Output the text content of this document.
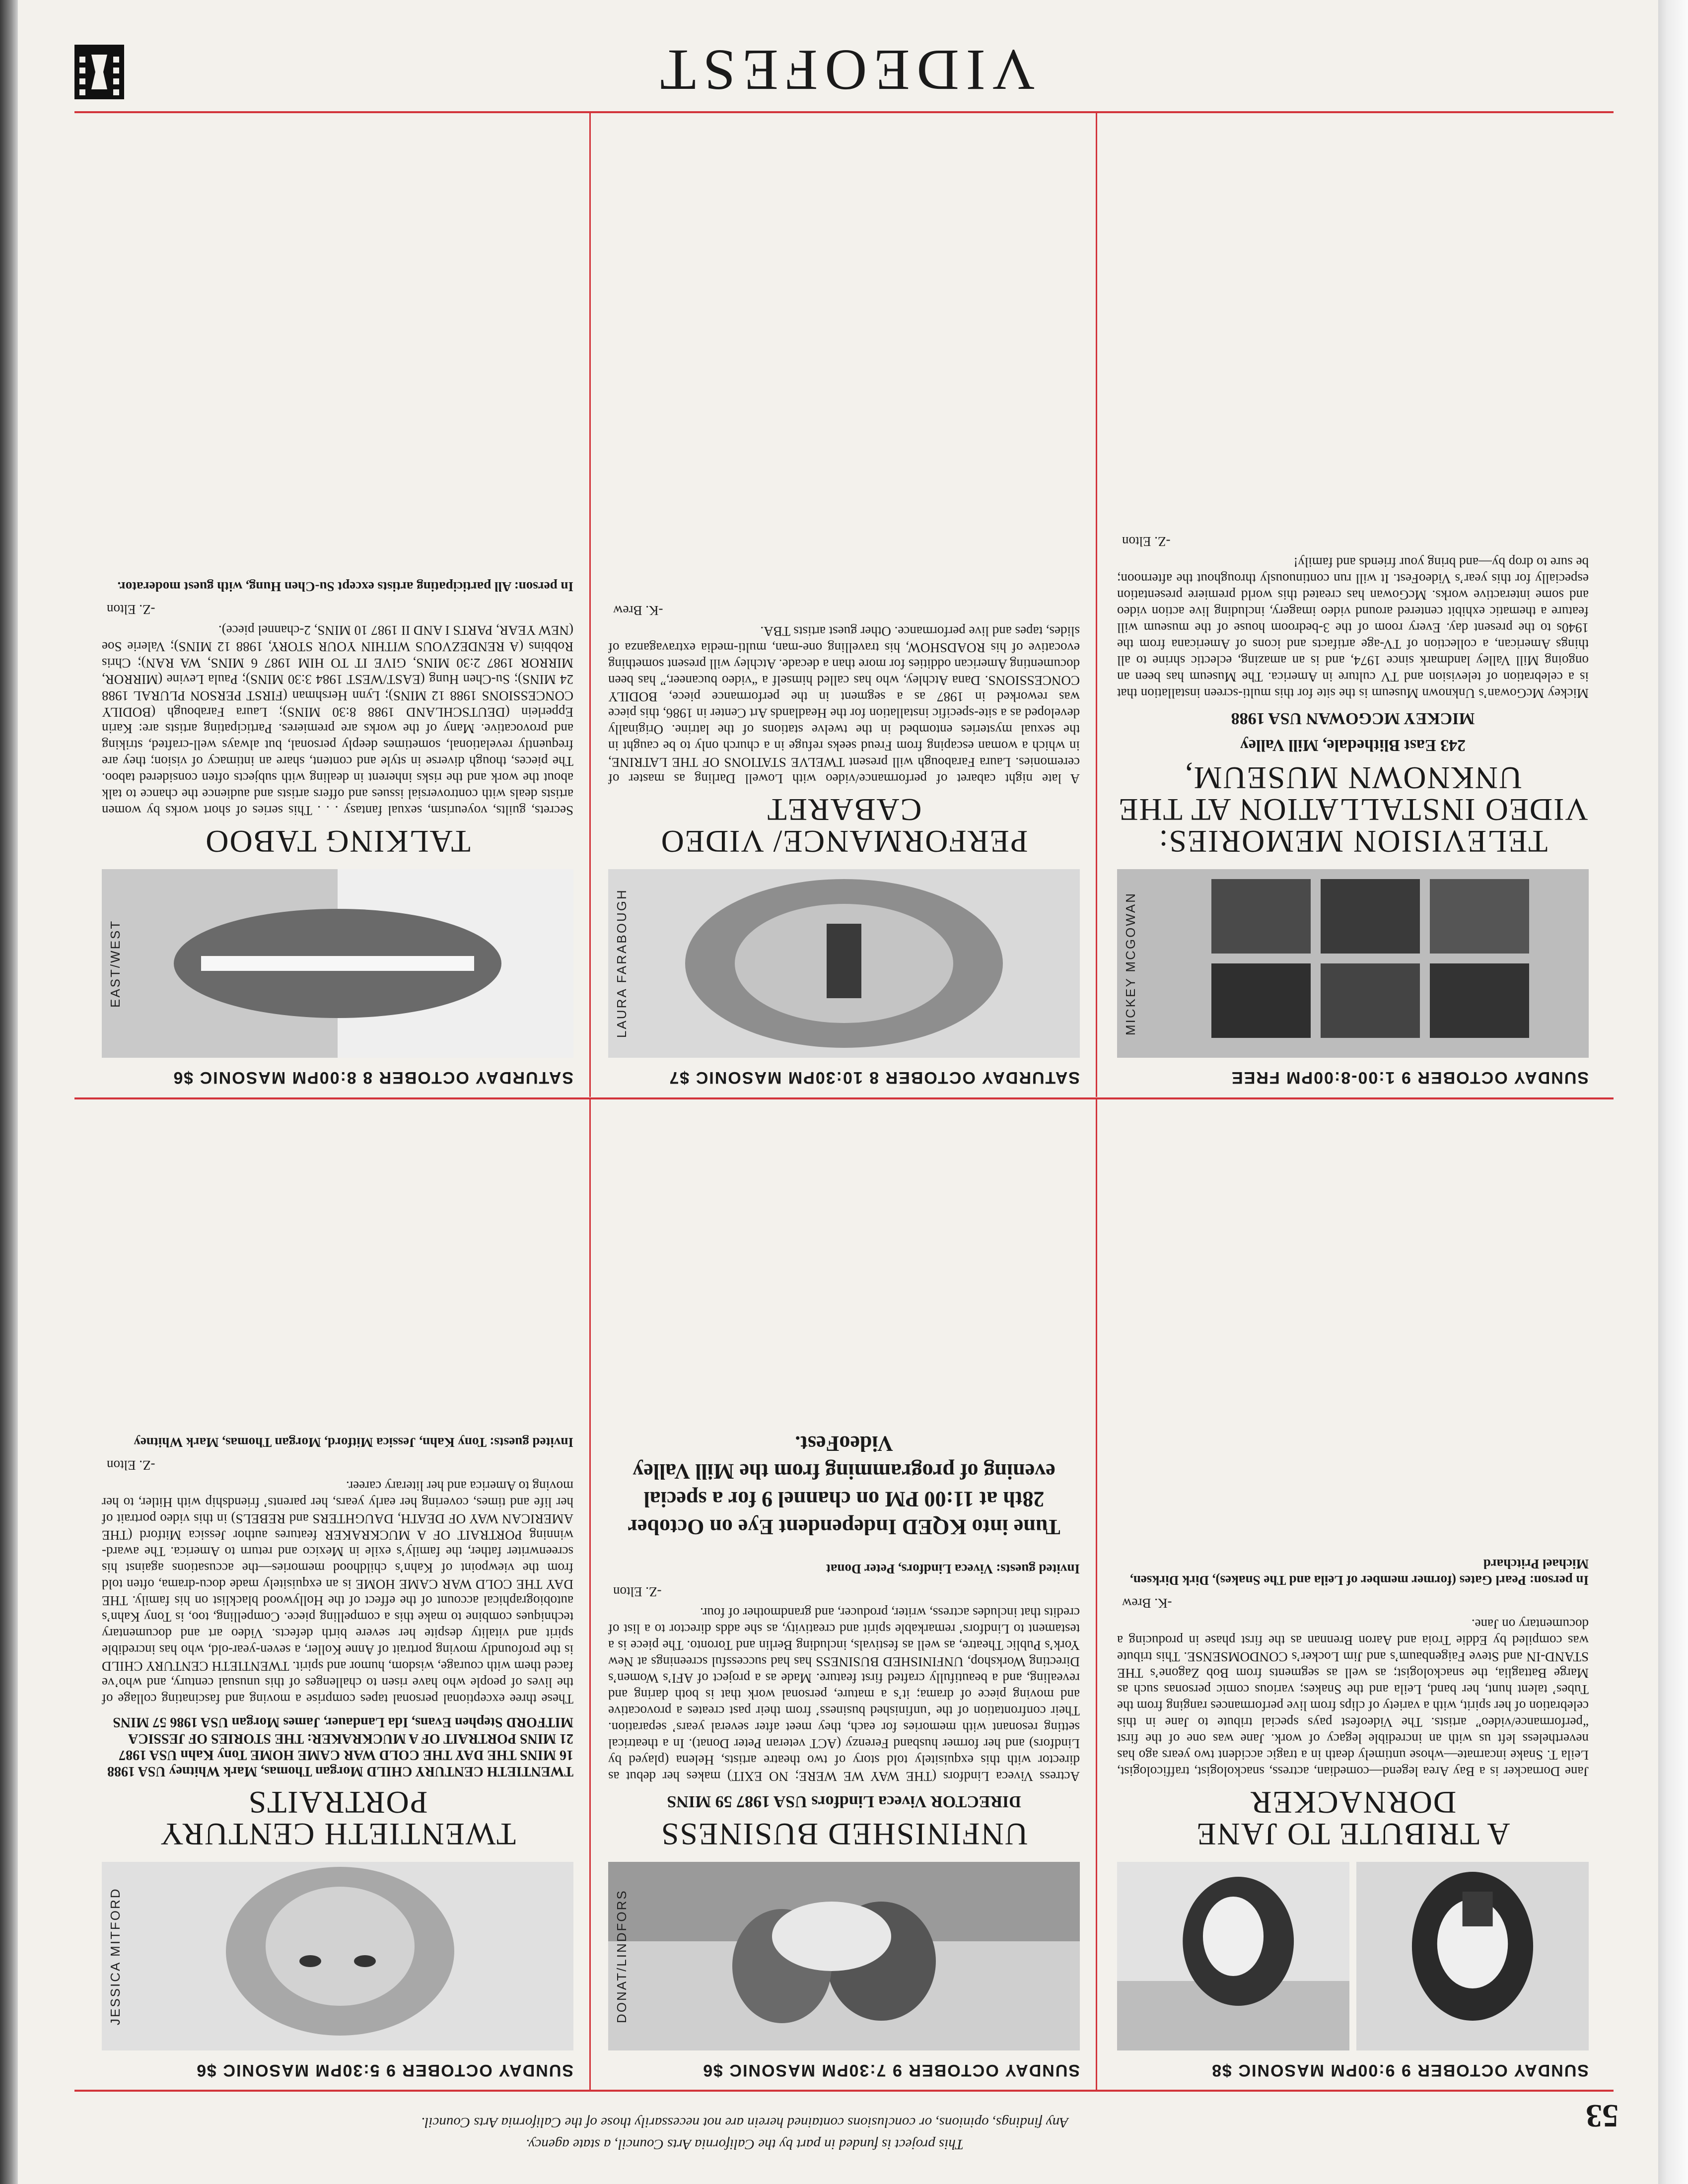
53
This project is funded in part by the California Arts Council, a state agency.
Any findings, opinions, or conclusions contained herein are not necessarily those of the California Arts Council.
SUNDAY OCTOBER 9 9:00PM MASONIC $8
A TRIBUTE TO JANE DORNACKER

Jane Dornacker is a Bay Area legend—comedian, actress, snackologist, trafficologist, Leila T. Snake incarnate—whose untimely death in a tragic accident two years ago has nevertheless left us with an incredible legacy of work. Jane was one of the first “performance/video” artists. The Videofest pays special tribute to Jane in this celebration of her spirit, with a variety of clips from live performances ranging from the Tubes’ talent hunt, her band, Leila and the Snakes; various comic personas such as Marge Battaglia, the snackologist; as well as segments from Bob Zagone’s THE STAND-IN and Steve Faigenbaum’s and Jim Locker’s CONDOMSENSE. This tribute was compiled by Eddie Troia and Aaron Brennan as the first phase in producing a documentary on Jane.

-K. Brew
In person: Pearl Gates (former member of Leila and The Snakes), Dirk Dirksen, Michael Pritchard
SUNDAY OCTOBER 9 7:30PM MASONIC $6
DONAT/LINDFORS
UNFINISHED BUSINESS
DIRECTOR Viveca Lindfors USA 1987 59 MINS

Actress Viveca Lindfors (THE WAY WE WERE; NO EXIT) makes her debut as director with this exquisitely told story of two theatre artists, Helena (played by Lindfors) and her former husband Ferenzy (ACT veteran Peter Donat). In a theatrical setting resonant with memories for each, they meet after several years’ separation. Their confrontation of the ‘unfinished business’ from their past creates a provocative and moving piece of drama; it’s a mature, personal work that is both daring and revealing, and a beautifully crafted first feature. Made as a project of AFI’s Women’s Directing Workshop, UNFINISHED BUSINESS has had successful screenings at New York’s Public Theatre, as well as festivals, including Berlin and Toronto. The piece is a testament to Lindfors’ remarkable spirit and creativity, as she adds director to a list of credits that includes actress, writer, producer, and grandmother of four.

-Z. Elton
Invited guests: Viveca Lindfors, Peter Donat
Tune into KQED Independent Eye on October 28th at 11:00 PM on channel 9 for a special evening of programming from the Mill Valley VideoFest.
SUNDAY OCTOBER 9 5:30PM MASONIC $6
JESSICA MITFORD
TWENTIETH CENTURY PORTRAITS
TWENTIETH CENTURY CHILD Morgan Thomas, Mark Whitney USA 1988 16 MINS THE DAY THE COLD WAR CAME HOME Tony Kahn USA 1987 21 MINS PORTRAIT OF A MUCKRAKER: THE STORIES OF JESSICA MITFORD Stephen Evans, Ida Landauer, James Morgan USA 1986 57 MINS

These three exceptional personal tapes comprise a moving and fascinating collage of the lives of people who have risen to challenges of this unusual century, and who’ve faced them with courage, wisdom, humor and spirit. TWENTIETH CENTURY CHILD is the profoundly moving portrait of Anne Koller, a seven-year-old, who has incredible spirit and vitality despite her severe birth defects. Video art and documentary techniques combine to make this a compelling piece. Compelling, too, is Tony Kahn’s autobiographical account of the effect of the Hollywood blacklist on his family. THE DAY THE COLD WAR CAME HOME is an exquisitely made docu-drama, often told from the viewpoint of Kahn’s childhood memories—the accusations against his screenwriter father, the family’s exile in Mexico and return to America. The award-winning PORTRAIT OF A MUCKRAKER features author Jessica Mitford (THE AMERICAN WAY OF DEATH, DAUGHTERS and REBELS) in this video portrait of her life and times, covering her early years, her parents’ friendship with Hitler, to her moving to America and her literary career.

-Z. Elton
Invited guests: Tony Kahn, Jessica Mitford, Morgan Thomas, Mark Whitney
SUNDAY OCTOBER 9 1:00-8:00PM FREE
MICKEY MCGOWAN
TELEVISION MEMORIES: VIDEO INSTALLATION AT THE UNKNOWN MUSEUM,
243 East Blithedale, Mill Valley
MICKEY MCGOWAN USA 1988

Mickey McGowan’s Unknown Museum is the site for this multi-screen installation that is a celebration of television and TV culture in America. The Museum has been an ongoing Mill Valley landmark since 1974, and is an amazing, eclectic shrine to all things American, a collection of TV-age artifacts and icons of Americana from the 1940s to the present day. Every room of the 3-bedroom house of the museum will feature a thematic exhibit centered around video imagery, including live action video and some interactive works. McGowan has created this world premiere presentation especially for this year’s VideoFest. It will run continuously throughout the afternoon; be sure to drop by—and bring your friends and family!

-Z. Elton
SATURDAY OCTOBER 8 10:30PM MASONIC $7
LAURA FARABOUGH
PERFORMANCE/ VIDEO CABARET

A late night cabaret of performance/video with Lowell Darling as master of ceremonies. Laura Farabough will present TWELVE STATIONS OF THE LATRINE, in which a woman escaping from Freud seeks refuge in a church only to be caught in the sexual mysteries entombed in the twelve stations of the latrine. Originally developed as a site-specific installation for the Headlands Art Center in 1986, this piece was reworked in 1987 as a segment in the performance piece, BODILY CONCESSIONS. Dana Atchley, who has called himself a “video bucaneer,” has been documenting American oddities for more than a decade. Atchley will present something evocative of his ROADSHOW, his travelling one-man, multi-media extravaganza of slides, tapes and live performance. Other guest artists TBA.

-K. Brew
SATURDAY OCTOBER 8 8:00PM MASONIC $6
EAST/WEST
TALKING TABOO

Secrets, guilts, voyeurism, sexual fantasy . . . This series of short works by women artists deals with controversial issues and offers artists and audience the chance to talk about the work and the risks inherent in dealing with subjects often considered taboo. The pieces, though diverse in style and content, share an intimacy of vision; they are frequently revelational, sometimes deeply personal, but always well-crafted, striking and provocative. Many of the works are premieres. Participating artists are: Karin Epperlein (DEUTSCHLAND 1988 8:30 MINS); Laura Farabough (BODILY CONCESSIONS 1988 12 MINS); Lynn Hershman (FIRST PERSON PLURAL 1988 24 MINS); Su-Chen Hung (EAST/WEST 1984 3:30 MINS); Paula Levine (MIRROR, MIRROR 1987 2:30 MINS, GIVE IT TO HIM 1987 6 MINS, WA RAN); Chris Robbins (A RENDEZVOUS WITHIN YOUR STORY, 1988 12 MINS); Valerie Soe (NEW YEAR, PARTS I AND II 1987 10 MINS, 2-channel piece).

-Z. Elton
In person: All participating artists except Su-Chen Hung, with guest moderator.
VIDEOFEST
